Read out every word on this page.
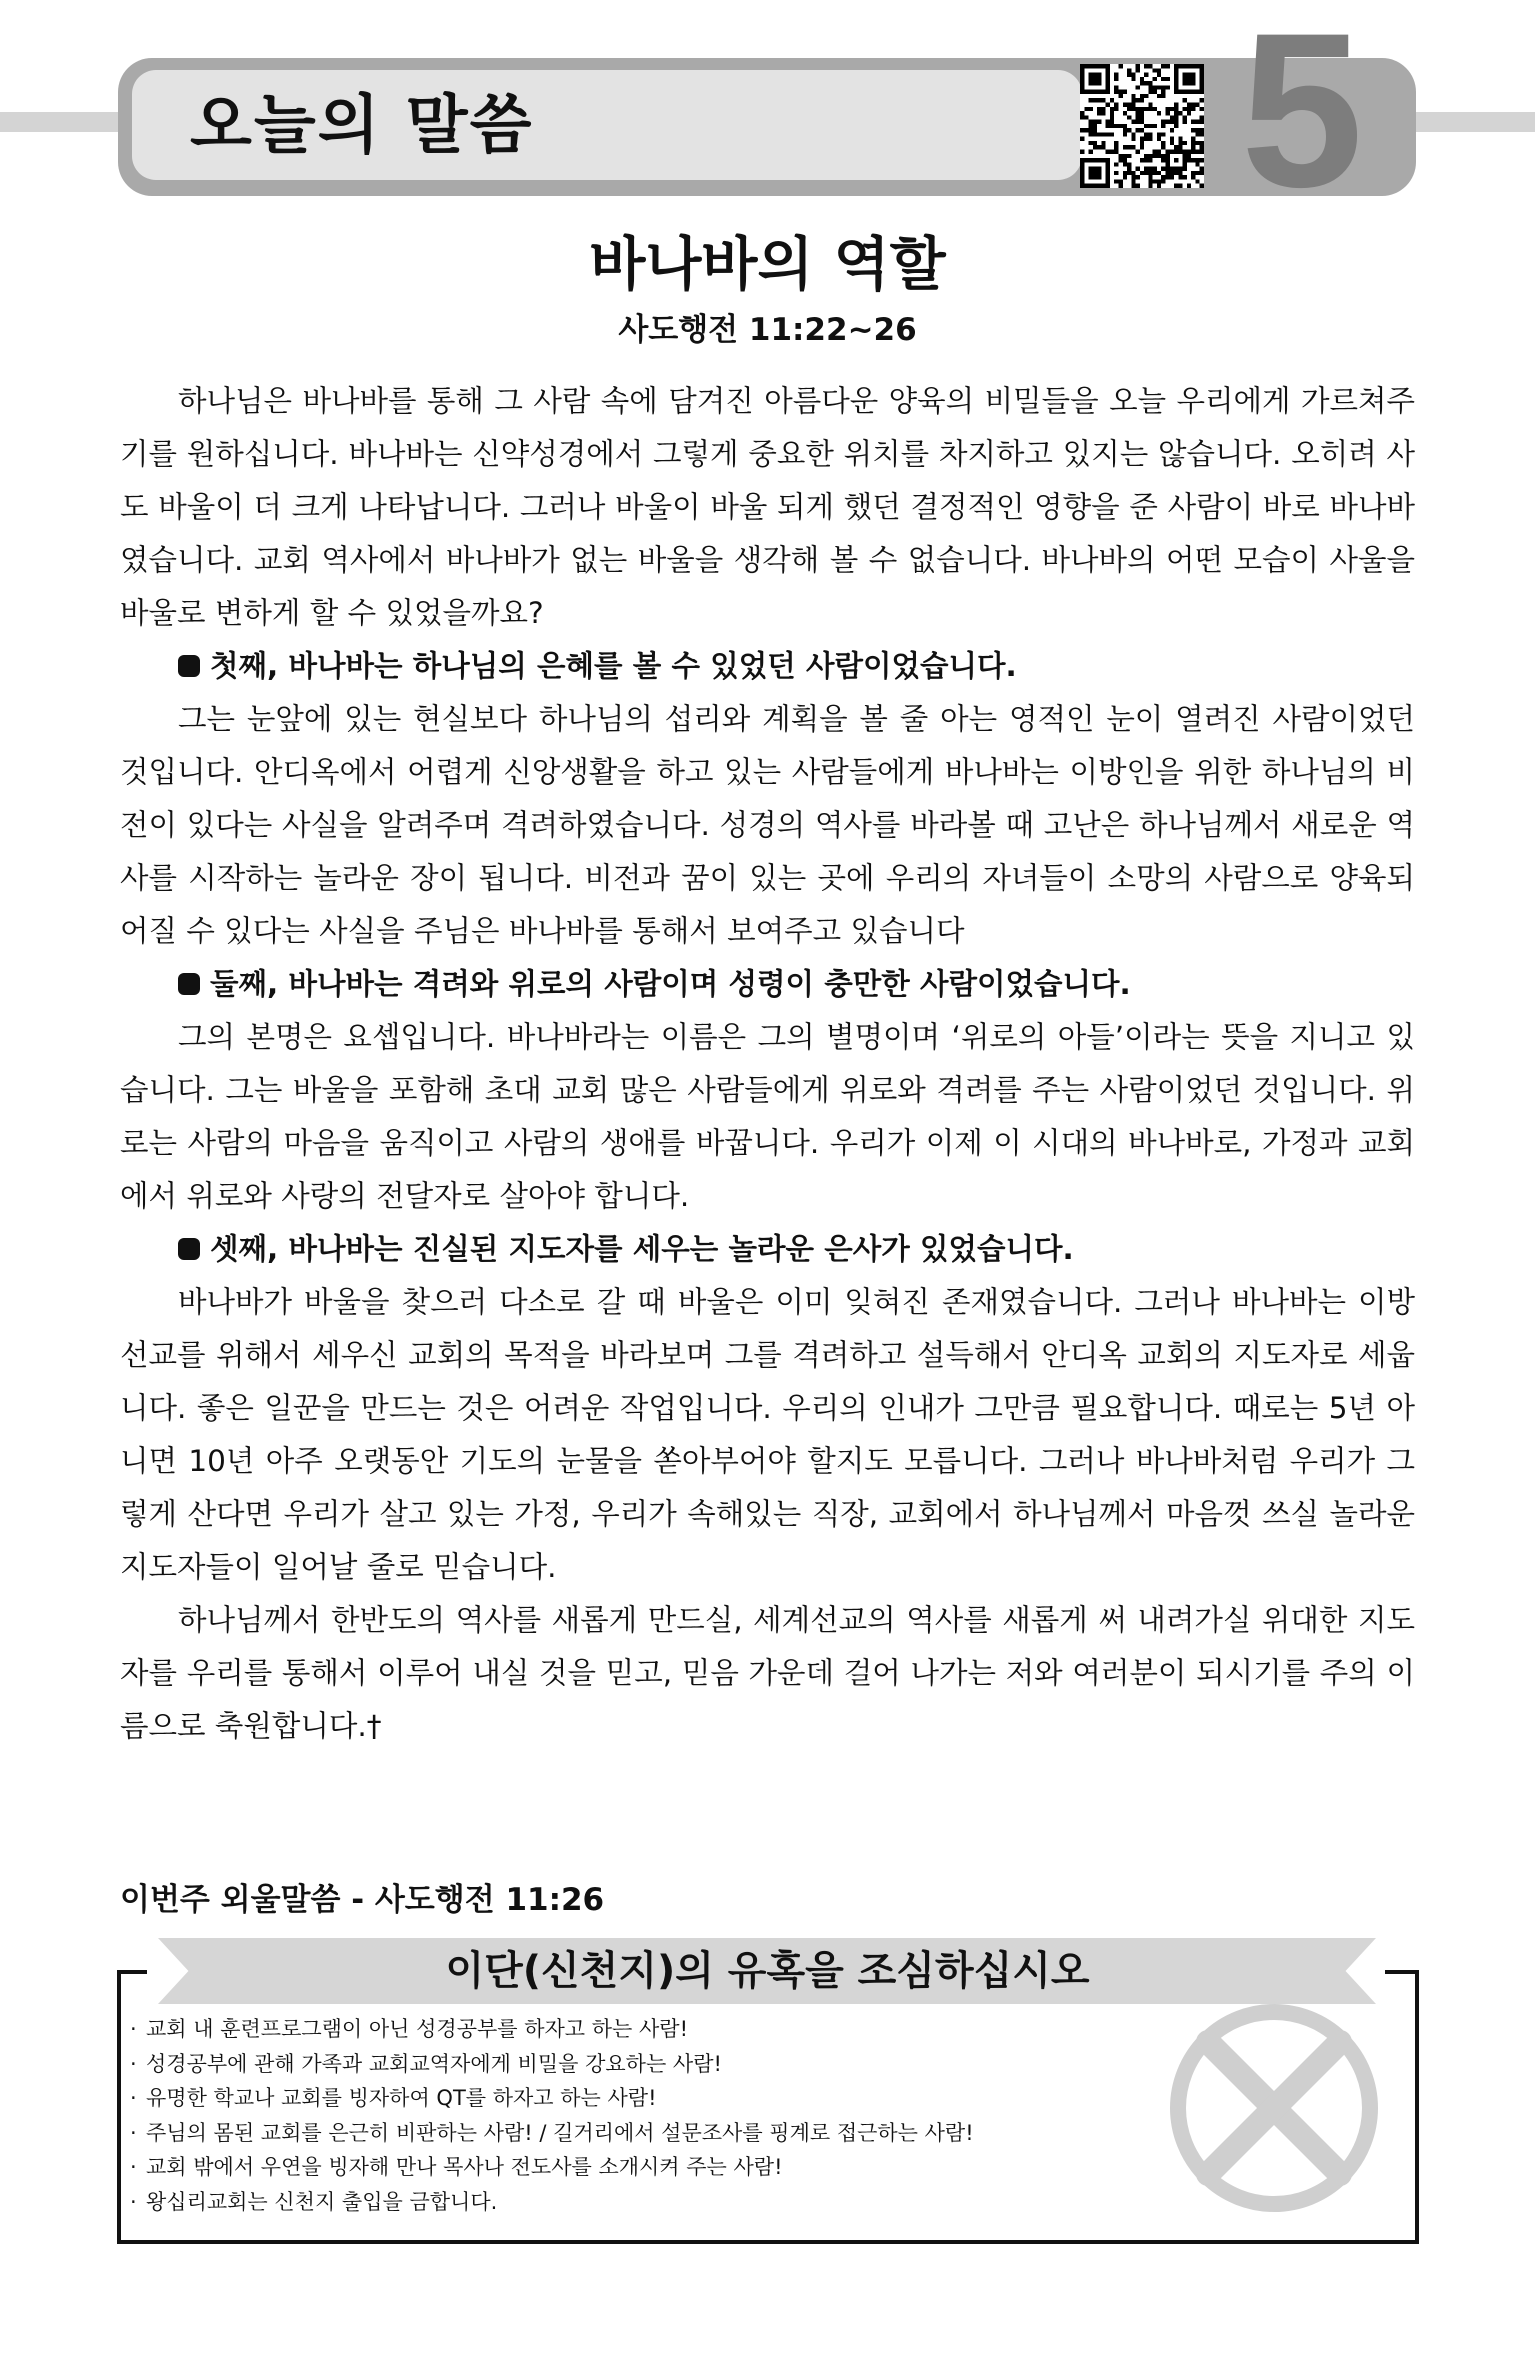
오늘의 말씀	5
바나바의 역할
사도행전 11:22~26

하나님은 바나바를 통해 그 사람 속에 담겨진 아름다운 양육의 비밀들을 오늘 우리에게 가르쳐주기를 원하십니다. 바나바는 신약성경에서 그렇게 중요한 위치를 차지하고 있지는 않습니다. 오히려 사도 바울이 더 크게 나타납니다. 그러나 바울이 바울 되게 했던 결정적인 영향을 준 사람이 바로 바나바였습니다. 교회 역사에서 바나바가 없는 바울을 생각해 볼 수 없습니다. 바나바의 어떤 모습이 사울을 바울로 변하게 할 수 있었을까요?

첫째, 바나바는 하나님의 은혜를 볼 수 있었던 사람이었습니다.

그는 눈앞에 있는 현실보다 하나님의 섭리와 계획을 볼 줄 아는 영적인 눈이 열려진 사람이었던 것입니다. 안디옥에서 어렵게 신앙생활을 하고 있는 사람들에게 바나바는 이방인을 위한 하나님의 비전이 있다는 사실을 알려주며 격려하였습니다. 성경의 역사를 바라볼 때 고난은 하나님께서 새로운 역사를 시작하는 놀라운 장이 됩니다. 비전과 꿈이 있는 곳에 우리의 자녀들이 소망의 사람으로 양육되어질 수 있다는 사실을 주님은 바나바를 통해서 보여주고 있습니다

둘째, 바나바는 격려와 위로의 사람이며 성령이 충만한 사람이었습니다.

그의 본명은 요셉입니다. 바나바라는 이름은 그의 별명이며 ‘위로의 아들’이라는 뜻을 지니고 있습니다. 그는 바울을 포함해 초대 교회 많은 사람들에게 위로와 격려를 주는 사람이었던 것입니다. 위로는 사람의 마음을 움직이고 사람의 생애를 바꿉니다. 우리가 이제 이 시대의 바나바로, 가정과 교회에서 위로와 사랑의 전달자로 살아야 합니다.

셋째, 바나바는 진실된 지도자를 세우는 놀라운 은사가 있었습니다.

바나바가 바울을 찾으러 다소로 갈 때 바울은 이미 잊혀진 존재였습니다. 그러나 바나바는 이방 선교를 위해서 세우신 교회의 목적을 바라보며 그를 격려하고 설득해서 안디옥 교회의 지도자로 세웁니다. 좋은 일꾼을 만드는 것은 어려운 작업입니다. 우리의 인내가 그만큼 필요합니다. 때로는 5년 아니면 10년 아주 오랫동안 기도의 눈물을 쏟아부어야 할지도 모릅니다. 그러나 바나바처럼 우리가 그렇게 산다면 우리가 살고 있는 가정, 우리가 속해있는 직장, 교회에서 하나님께서 마음껏 쓰실 놀라운 지도자들이 일어날 줄로 믿습니다.

하나님께서 한반도의 역사를 새롭게 만드실, 세계선교의 역사를 새롭게 써 내려가실 위대한 지도자를 우리를 통해서 이루어 내실 것을 믿고, 믿음 가운데 걸어 나가는 저와 여러분이 되시기를 주의 이름으로 축원합니다.†

이번주 외울말씀 - 사도행전 11:26
이단(신천지)의 유혹을 조심하십시오
· 교회 내 훈련프로그램이 아닌 성경공부를 하자고 하는 사람!
· 성경공부에 관해 가족과 교회교역자에게 비밀을 강요하는 사람!
· 유명한 학교나 교회를 빙자하여 QT를 하자고 하는 사람!
· 주님의 몸된 교회를 은근히 비판하는 사람! / 길거리에서 설문조사를 핑계로 접근하는 사람!
· 교회 밖에서 우연을 빙자해 만나 목사나 전도사를 소개시켜 주는 사람!
· 왕십리교회는 신천지 출입을 금합니다.
